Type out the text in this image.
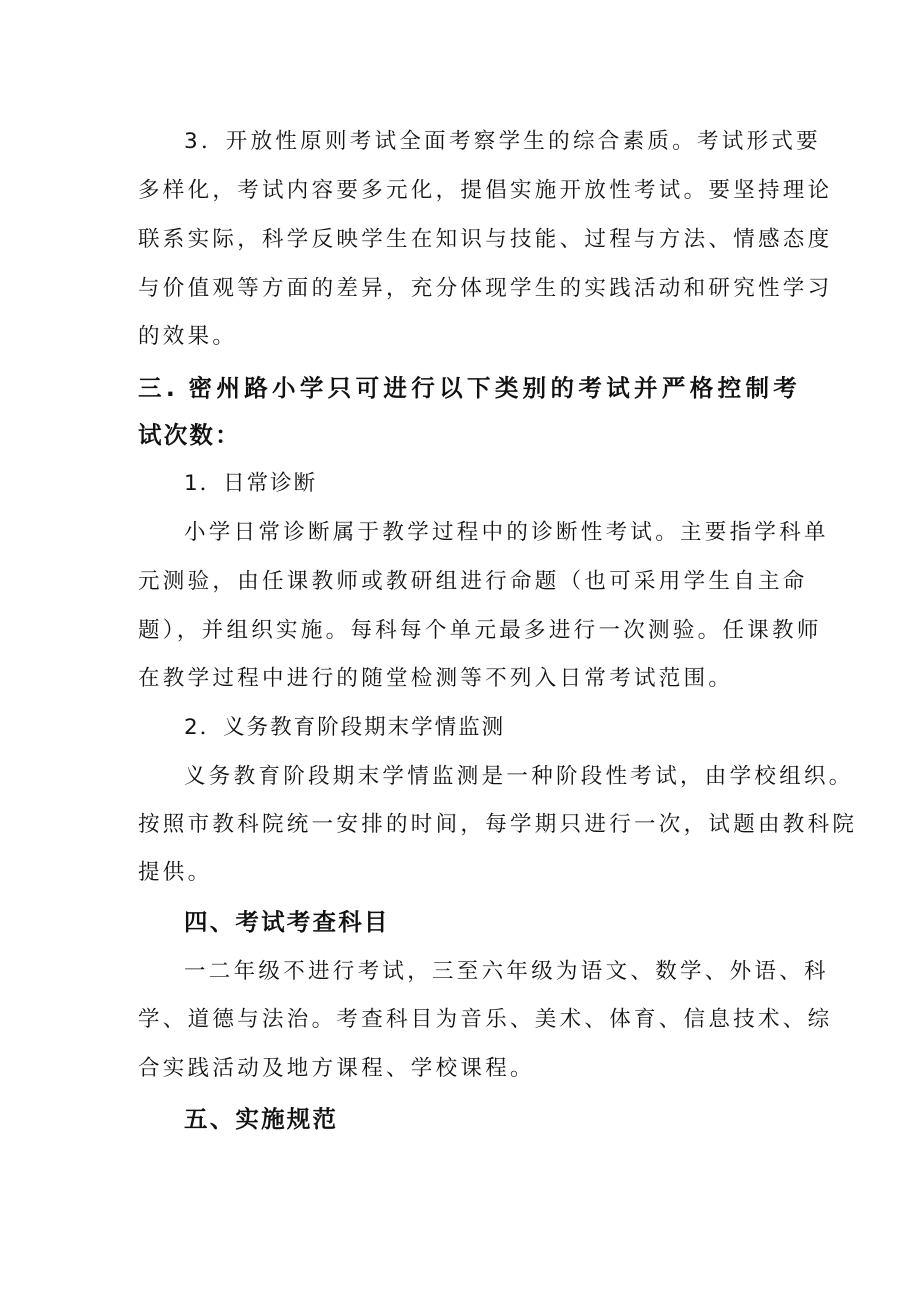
3．开放性原则考试全面考察学生的综合素质。考试形式要
多样化，考试内容要多元化，提倡实施开放性考试。要坚持理论
联系实际，科学反映学生在知识与技能、过程与方法、情感态度
与价值观等方面的差异，充分体现学生的实践活动和研究性学习
的效果。
三. 密州路小学只可进行以下类别的考试并严格控制考
试次数：
1．日常诊断
小学日常诊断属于教学过程中的诊断性考试。主要指学科单
元测验，由任课教师或教研组进行命题（也可采用学生自主命
题），并组织实施。每科每个单元最多进行一次测验。任课教师
在教学过程中进行的随堂检测等不列入日常考试范围。
2．义务教育阶段期末学情监测
义务教育阶段期末学情监测是一种阶段性考试，由学校组织。
按照市教科院统一安排的时间，每学期只进行一次，试题由教科院
提供。
四、考试考查科目
一二年级不进行考试，三至六年级为语文、数学、外语、科
学、道德与法治。考查科目为音乐、美术、体育、信息技术、综
合实践活动及地方课程、学校课程。
五、实施规范
